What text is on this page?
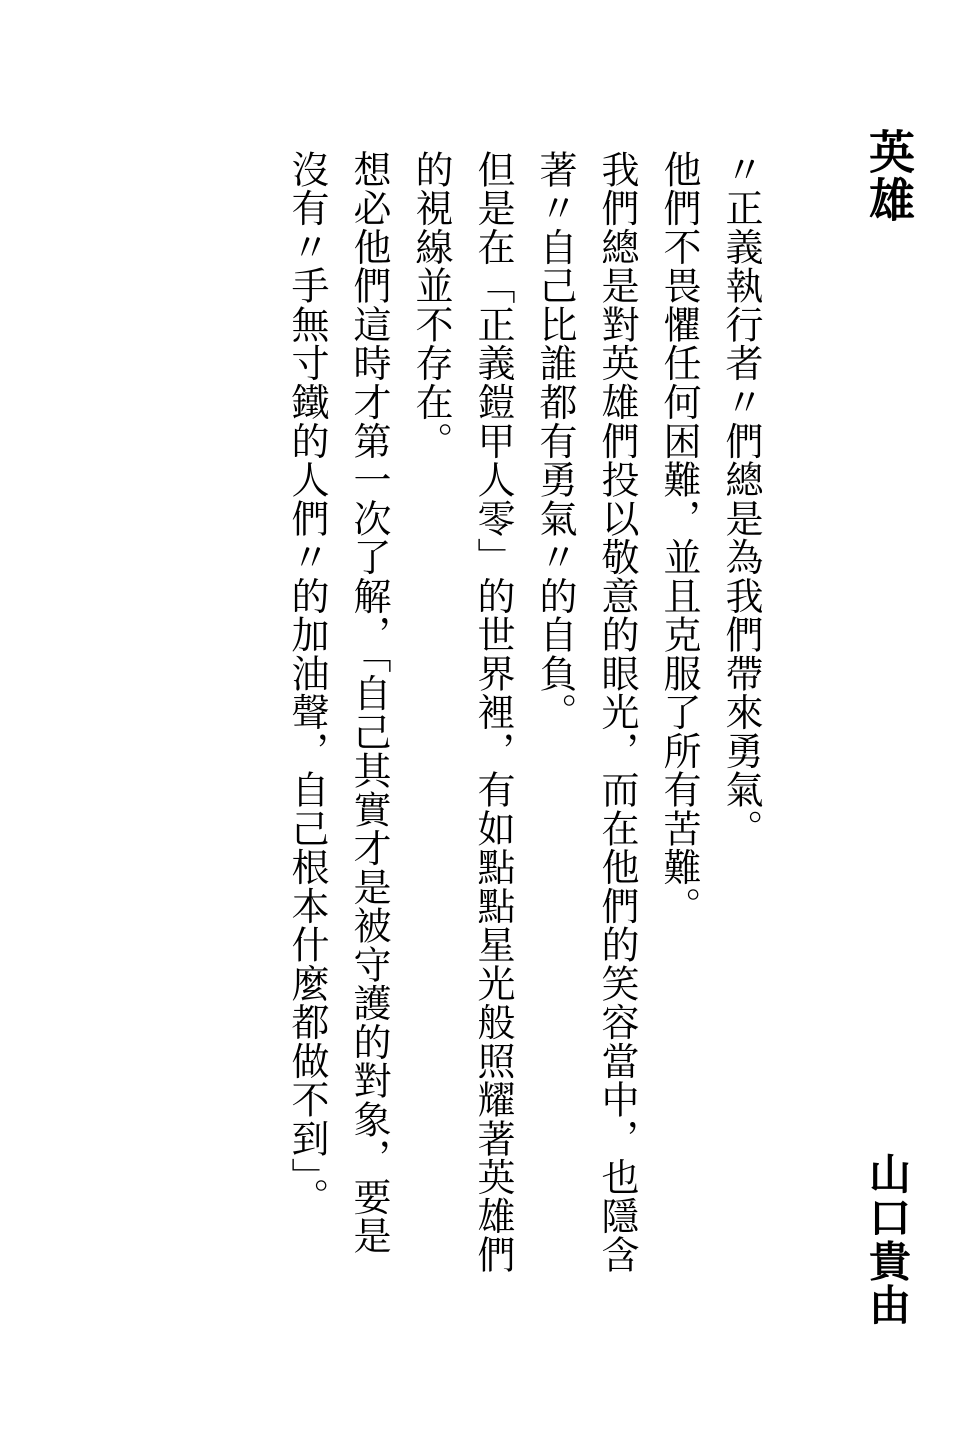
英雄
山口貴由
〃正義執行者〃們總是為我們帶來勇氣。
他們不畏懼任何困難，並且克服了所有苦難。
我們總是對英雄們投以敬意的眼光，而在他們的笑容當中，也隱含
著〃自己比誰都有勇氣〃的自負。
但是在「正義鎧甲人零」的世界裡，有如點點星光般照耀著英雄們
的視線並不存在。
想必他們這時才第一次了解，「自己其實才是被守護的對象，要是
沒有〃手無寸鐵的人們〃的加油聲，自己根本什麼都做不到」。
